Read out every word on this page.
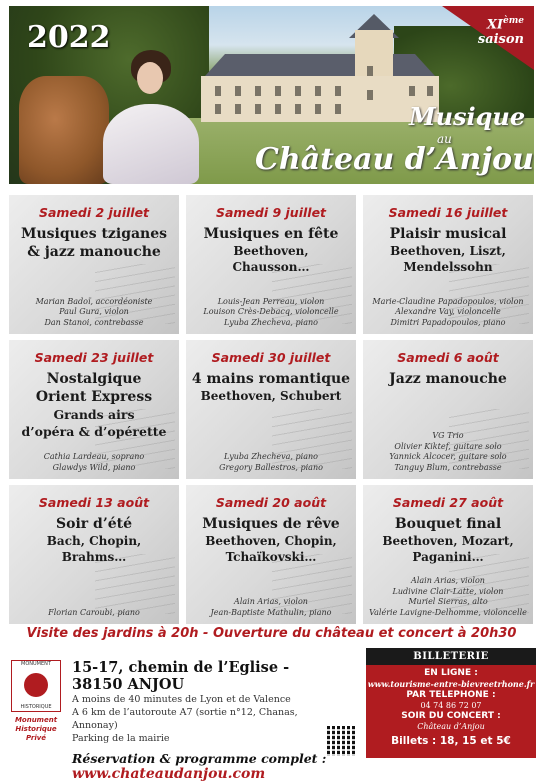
2022	XIème
saison
Musique
au
Château d’Anjou
Samedi 2 juillet
Musiques tziganes
& jazz manouche
Marian Badoï, accordéoniste
Paul Gura, violon
Dan Stanoi, contrebasse
Samedi 9 juillet
Musiques en fête
Beethoven,
Chausson…
Louis-Jean Perreau, violon
Louison Crès-Debacq, violoncelle
Lyuba Zhecheva, piano
Samedi 16 juillet
Plaisir musical
Beethoven, Liszt,
Mendelssohn
Marie-Claudine Papadopoulos, violon
Alexandre Vay, violoncelle
Dimitri Papadopoulos, piano
Samedi 23 juillet
Nostalgique
Orient Express
Grands airs
d’opéra & d’opérette
Cathia Lardeau, soprano
Glawdys Wild, piano
Samedi 30 juillet
4 mains romantique
Beethoven, Schubert
Lyuba Zhecheva, piano
Gregory Ballestros, piano
Samedi 6 août
Jazz manouche
VG Trio
Olivier Kiktef, guitare solo
Yannick Alcocer, guitare solo
Tanguy Blum, contrebasse
Samedi 13 août
Soir d’été
Bach, Chopin,
Brahms…
Florian Caroubi, piano
Samedi 20 août
Musiques de rêve
Beethoven, Chopin,
Tchaïkovski…
Alain Arias, violon
Jean-Baptiste Mathulin, piano
Samedi 27 août
Bouquet final
Beethoven, Mozart,
Paganini…
Alain Arias, violon
Ludivine Clair-Latte, violon
Muriel Sierras, alto
Valérie Lavigne-Delhomme, violoncelle
Visite des jardins à 20h - Ouverture du château et concert à 20h30
MONUMENT
HISTORIQUE
Monument
Historique
Privé
15-17, chemin de l’Eglise - 38150 ANJOU
A moins de 40 minutes de Lyon et de Valence
A 6 km de l’autoroute A7 (sortie n°12, Chanas, Annonay)
Parking de la mairie
Réservation & programme complet :
www.chateaudanjou.com
BILLETERIE
EN LIGNE :
www.tourisme-entre-bievreetrhone.fr
PAR TELEPHONE :
04 74 86 72 07
SOIR DU CONCERT :
Château d’Anjou
Billets : 18, 15 et 5€
